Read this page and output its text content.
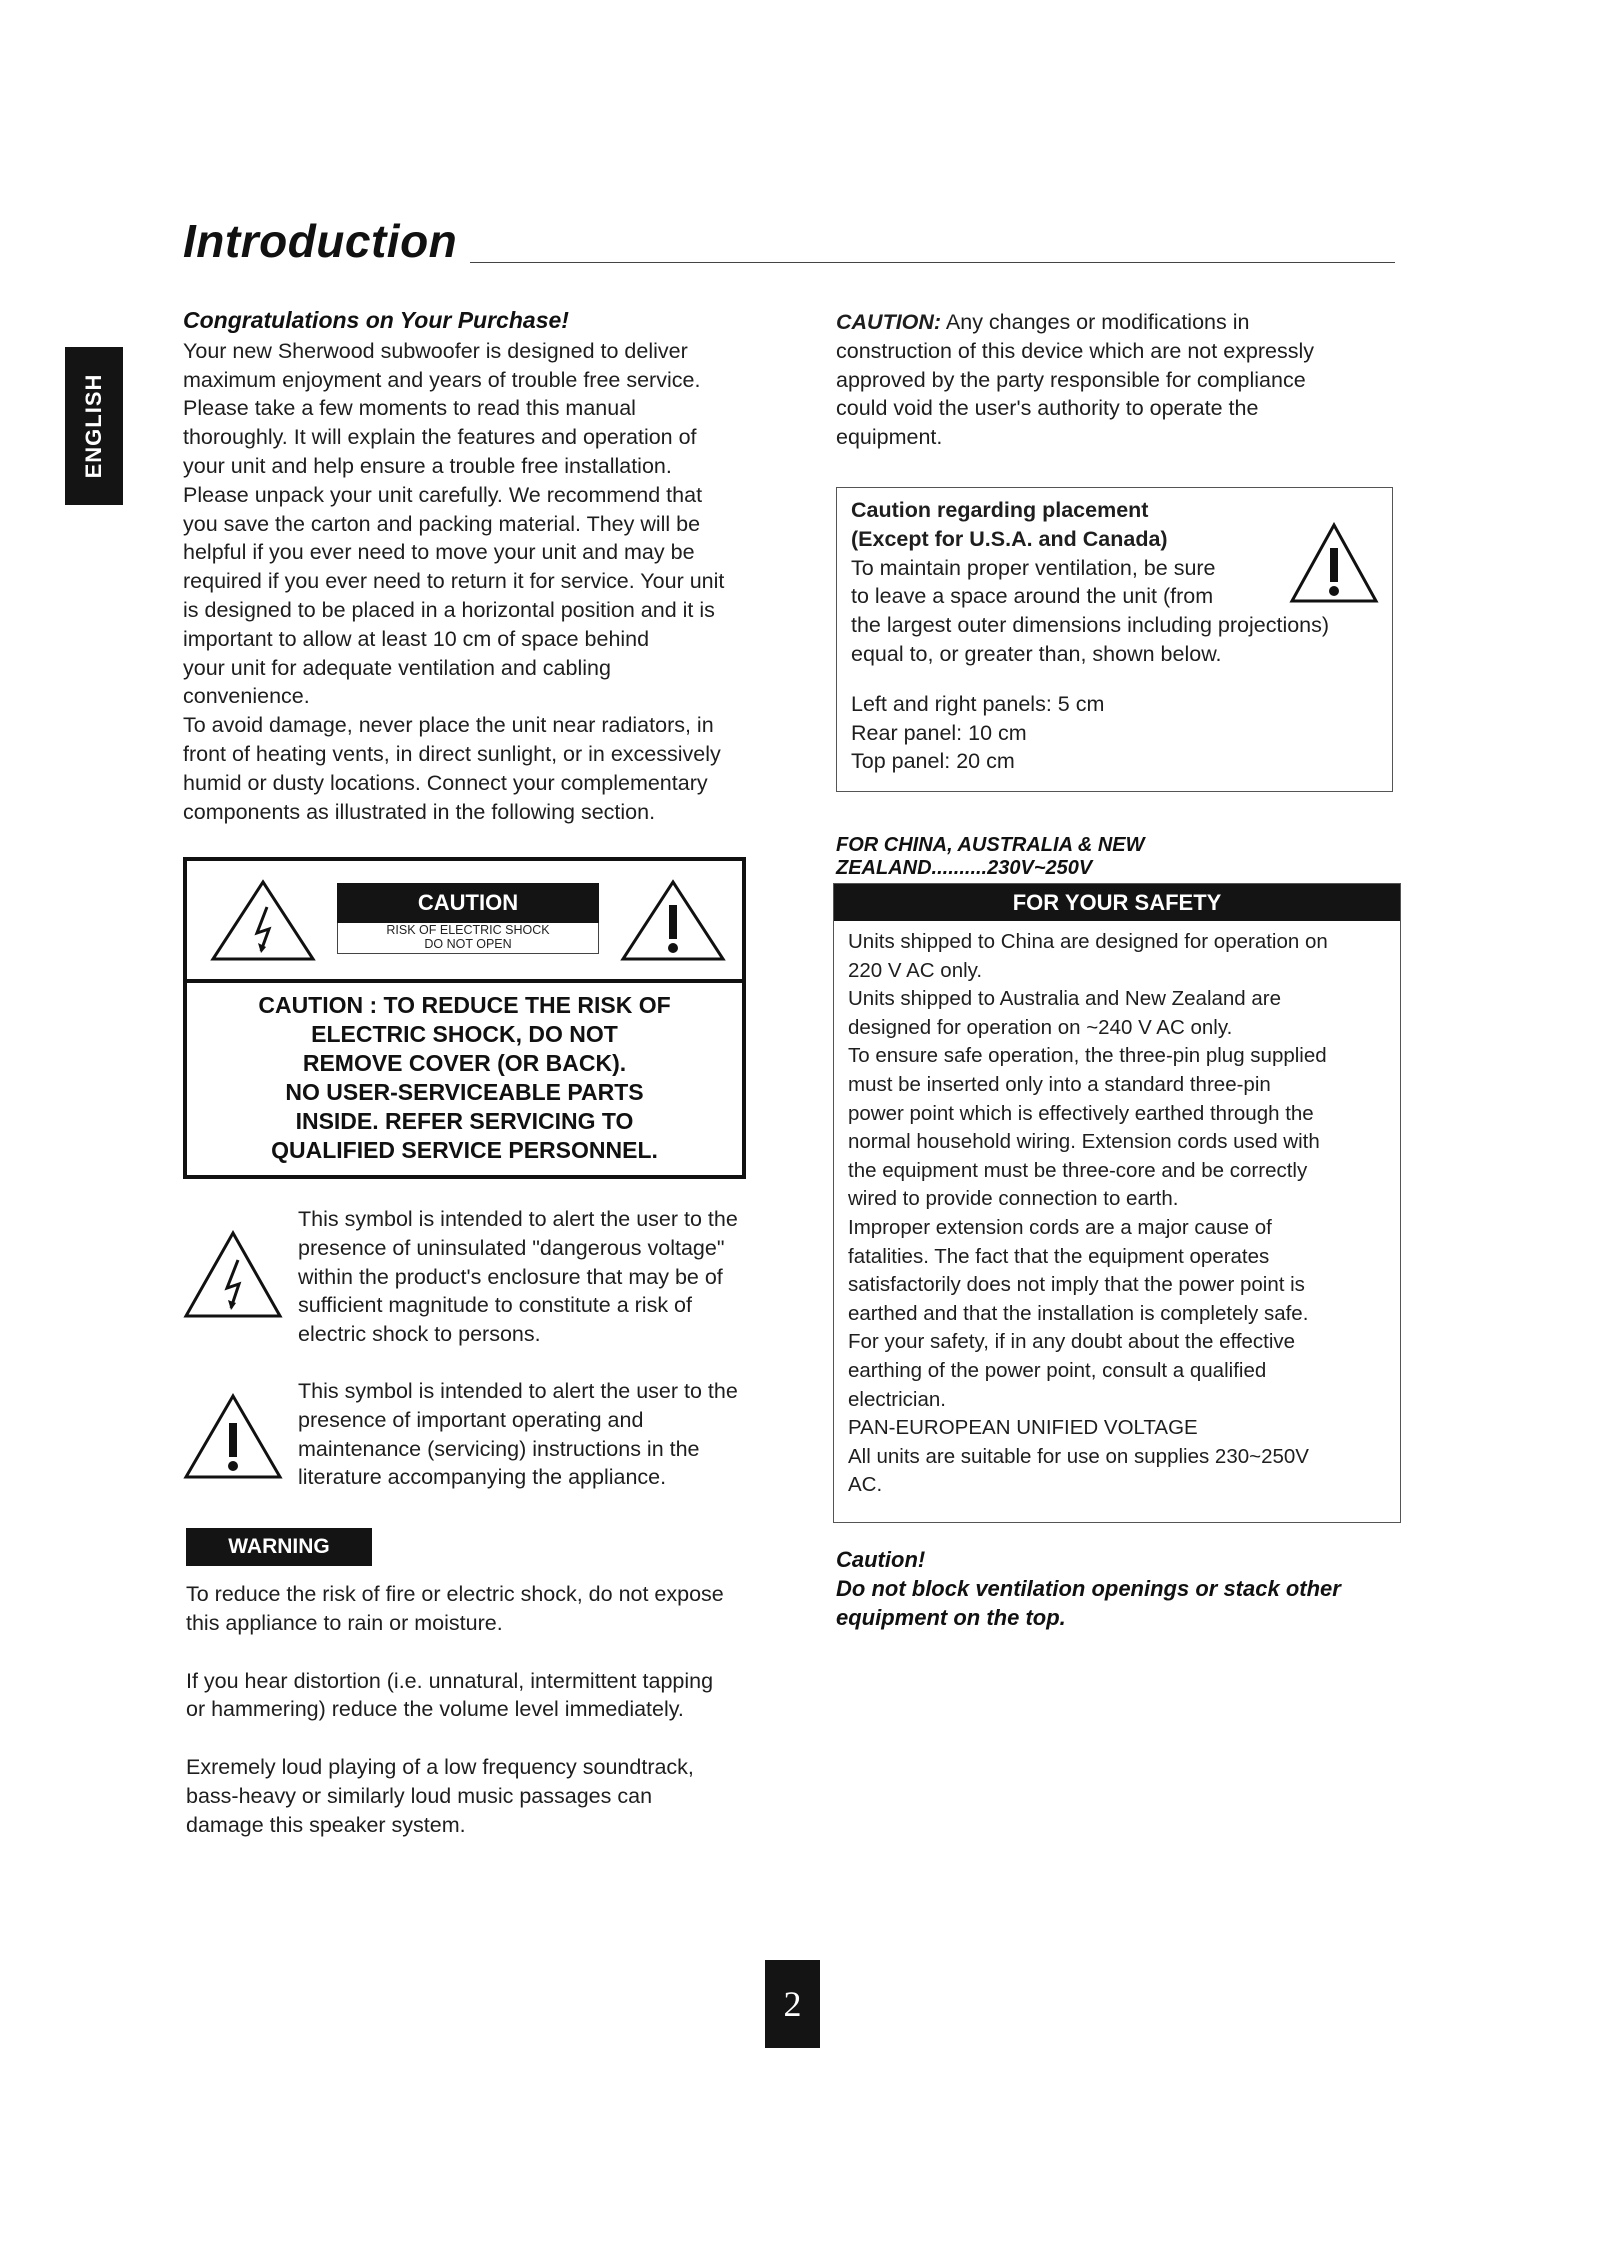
Introduction
ENGLISH
Congratulations on Your Purchase!

Your new Sherwood subwoofer is designed to deliver

maximum enjoyment and years of trouble free service.

Please take a few moments to read this manual

thoroughly. It will explain the features and operation of

your unit and help ensure a trouble free installation.

Please unpack your unit carefully. We recommend that

you save the carton and packing material. They will be

helpful if you ever need to move your unit and may be

required if you ever need to return it for service. Your unit

is designed to be placed in a horizontal position and it is

important to allow at least 10 cm of space behind

your unit for adequate ventilation and cabling

convenience.

To avoid damage, never place the unit near radiators, in

front of heating vents, in direct sunlight, or in excessively

humid or dusty locations. Connect your complementary

components as illustrated in the following section.

CAUTION
RISK OF ELECTRIC SHOCK
DO NOT OPEN
CAUTION : TO REDUCE THE RISK OF
ELECTRIC SHOCK, DO NOT
REMOVE COVER (OR BACK).
NO USER-SERVICEABLE PARTS
INSIDE. REFER SERVICING TO
QUALIFIED SERVICE PERSONNEL.
This symbol is intended to alert the user to the
presence of uninsulated "dangerous voltage"
within the product's enclosure that may be of
sufficient magnitude to constitute a risk of
electric shock to persons.
This symbol is intended to alert the user to the
presence of important operating and
maintenance (servicing) instructions in the
literature accompanying the appliance.
WARNING

To reduce the risk of fire or electric shock, do not expose

this appliance to rain or moisture.

If you hear distortion (i.e. unnatural, intermittent tapping

or hammering) reduce the volume level immediately.

Exremely loud playing of a low frequency soundtrack,

bass-heavy or similarly loud music passages can

damage this speaker system.

CAUTION: Any changes or modifications in

construction of this device which are not expressly

approved by the party responsible for compliance

could void the user's authority to operate the

equipment.

Caution regarding placement
(Except for U.S.A. and Canada)
To maintain proper ventilation, be sure
to leave a space around the unit (from
the largest outer dimensions including projections)
equal to, or greater than, shown below.
Left and right panels: 5 cm
Rear panel: 10 cm
Top panel: 20 cm
FOR CHINA, AUSTRALIA & NEW ZEALAND..........230V~250V
FOR YOUR SAFETY

Units shipped to China are designed for operation on

220 V AC only.

Units shipped to Australia and New Zealand are

designed for operation on ~240 V AC only.

To ensure safe operation, the three-pin plug supplied

must be inserted only into a standard three-pin

power point which is effectively earthed through the

normal household wiring. Extension cords used with

the equipment must be three-core and be correctly

wired to provide connection to earth.

Improper extension cords are a major cause of

fatalities. The fact that the equipment operates

satisfactorily does not imply that the power point is

earthed and that the installation is completely safe.

For your safety, if in any doubt about the effective

earthing of the power point, consult a qualified

electrician.

PAN-EUROPEAN UNIFIED VOLTAGE

All units are suitable for use on supplies 230~250V

AC.

Caution!
Do not block ventilation openings or stack other
equipment on the top.
2
